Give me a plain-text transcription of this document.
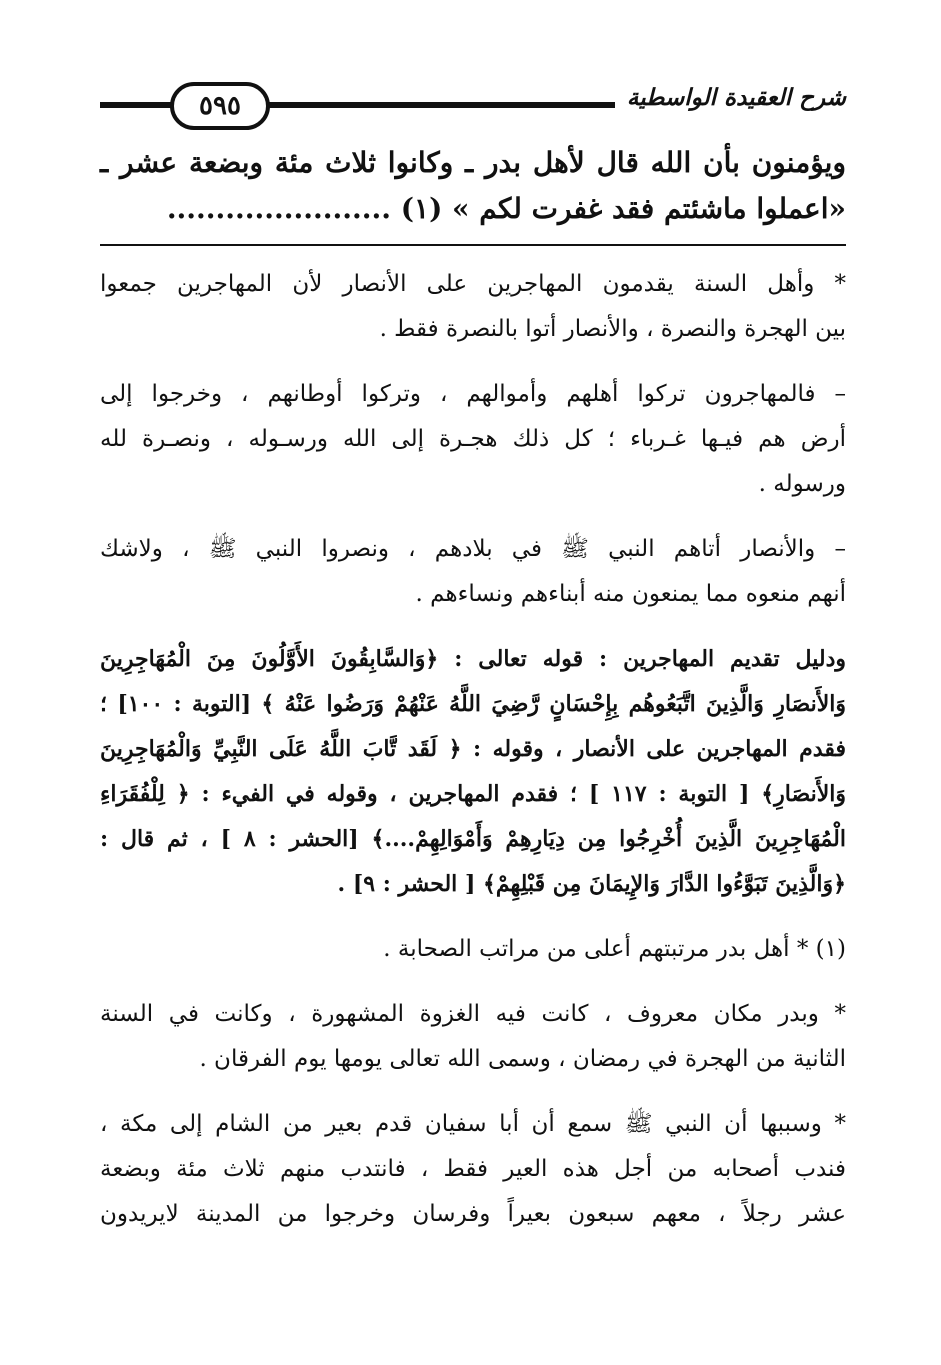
شرح العقيدة الواسطية
٥٩٥
ويؤمنون بأن الله قال لأهل بدر ـ وكانوا ثلاث مئة وبضعة عشر ـ
«اعملوا ماشئتم فقد غفرت لكم » (١) .......................
* وأهل السنة يقدمون المهاجرين على الأنصار لأن المهاجرين جمعوا
بين الهجرة والنصرة ، والأنصار أتوا بالنصرة فقط .
– فالمهاجرون تركوا أهلهم وأموالهم ، وتركوا أوطانهم ، وخرجوا إلى
أرض هم فيـها غـرباء ؛ كل ذلك هجـرة إلى الله ورسـوله ، ونصـرة لله
ورسوله .
– والأنصار أتاهم النبي ﷺ في بلادهم ، ونصروا النبي ﷺ ، ولاشك
أنهم منعوه مما يمنعون منه أبناءهم ونساءهم .
ودليل تقديم المهاجرين : قوله تعالى : ﴿وَالسَّابِقُونَ الأَوَّلُونَ مِنَ الْمُهَاجِرِينَ
وَالأَنصَارِ وَالَّذِينَ اتَّبَعُوهُم بِإِحْسَانٍ رَّضِيَ اللَّهُ عَنْهُمْ وَرَضُوا عَنْهُ ﴾ [التوبة : ١٠٠] ؛
فقدم المهاجرين على الأنصار ، وقوله : ﴿ لَقَد تَّابَ اللَّهُ عَلَى النَّبِيِّ وَالْمُهَاجِرِينَ
وَالأَنصَارِ﴾ [ التوبة : ١١٧ ] ؛ فقدم المهاجرين ، وقوله في الفيء : ﴿ لِلْفُقَرَاءِ
الْمُهَاجِرِينَ الَّذِينَ أُخْرِجُوا مِن دِيَارِهِمْ وَأَمْوَالِهِمْ....﴾ [الحشر : ٨ ] ، ثم قال :
﴿وَالَّذِينَ تَبَوَّءُوا الدَّارَ وَالإِيمَانَ مِن قَبْلِهِمْ﴾ [ الحشر : ٩] .
(١) * أهل بدر مرتبتهم أعلى من مراتب الصحابة .
* وبدر مكان معروف ، كانت فيه الغزوة المشهورة ، وكانت في السنة
الثانية من الهجرة في رمضان ، وسمى الله تعالى يومها يوم الفرقان .
* وسببها أن النبي ﷺ سمع أن أبا سفيان قدم بعير من الشام إلى مكة ،
فندب أصحابه من أجل هذه العير فقط ، فانتدب منهم ثلاث مئة وبضعة
عشر رجلاً ، معهم سبعون بعيراً وفرسان وخرجوا من المدينة لايريدون
